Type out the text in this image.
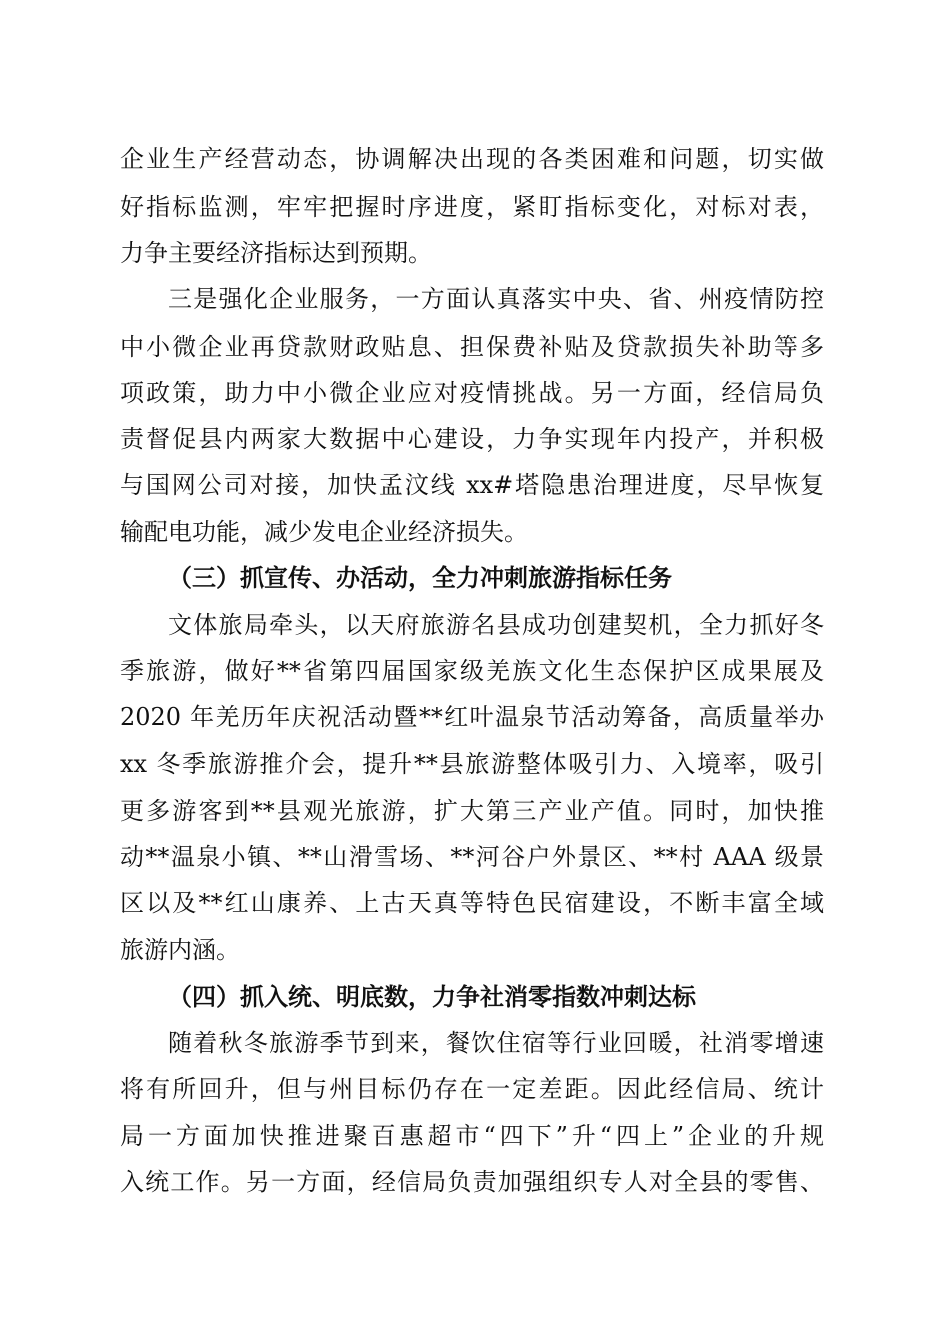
企业生产经营动态，协调解决出现的各类困难和问题，切实做
好指标监测，牢牢把握时序进度，紧盯指标变化，对标对表，
力争主要经济指标达到预期。
三是强化企业服务，一方面认真落实中央、省、州疫情防控
中小微企业再贷款财政贴息、担保费补贴及贷款损失补助等多
项政策，助力中小微企业应对疫情挑战。另一方面，经信局负
责督促县内两家大数据中心建设，力争实现年内投产，并积极
与国网公司对接，加快孟汶线 xx#塔隐患治理进度，尽早恢复
输配电功能，减少发电企业经济损失。
（三）抓宣传、办活动，全力冲刺旅游指标任务
文体旅局牵头，以天府旅游名县成功创建契机，全力抓好冬
季旅游，做好**省第四届国家级羌族文化生态保护区成果展及
2020 年羌历年庆祝活动暨**红叶温泉节活动筹备，高质量举办
xx 冬季旅游推介会，提升**县旅游整体吸引力、入境率，吸引
更多游客到**县观光旅游，扩大第三产业产值。同时，加快推
动**温泉小镇、**山滑雪场、**河谷户外景区、**村 AAA 级景
区以及**红山康养、上古天真等特色民宿建设，不断丰富全域
旅游内涵。
（四）抓入统、明底数，力争社消零指数冲刺达标
随着秋冬旅游季节到来，餐饮住宿等行业回暖，社消零增速
将有所回升，但与州目标仍存在一定差距。因此经信局、统计
局一方面加快推进聚百惠超市“四下”升“四上”企业的升规
入统工作。另一方面，经信局负责加强组织专人对全县的零售、
